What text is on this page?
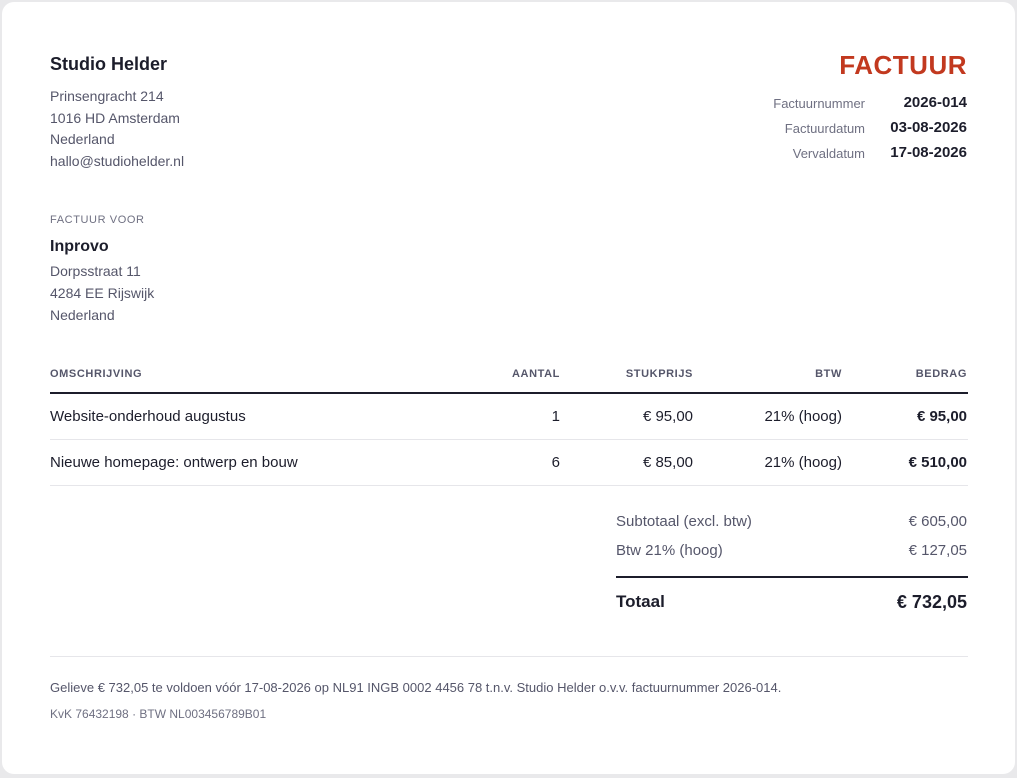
Studio Helder
Prinsengracht 214
1016 HD Amsterdam
Nederland
hallo@studiohelder.nl
FACTUUR
Factuurnummer	2026-014
Factuurdatum 03-08-2026
Vervaldatum 17-08-2026
FACTUUR VOOR
Inprovo
Dorpsstraat 11
4284 EE Rijswijk
Nederland
OMSCHRIJVING	AANTAL	STUKPRIJS	BTW	BEDRAG
Website-onderhoud augustus	1	€ 95,00	21% (hoog)	€ 95,00
Nieuwe homepage: ontwerp en bouw	6	€ 85,00	21% (hoog)	€ 510,00
Subtotaal (excl. btw)	€ 605,00
Btw 21% (hoog)	€ 127,05
Totaal	€ 732,05
Gelieve € 732,05 te voldoen vóór 17-08-2026 op NL91 INGB 0002 4456 78 t.n.v. Studio Helder o.v.v. factuurnummer 2026-014.
KvK 76432198 · BTW NL003456789B01
